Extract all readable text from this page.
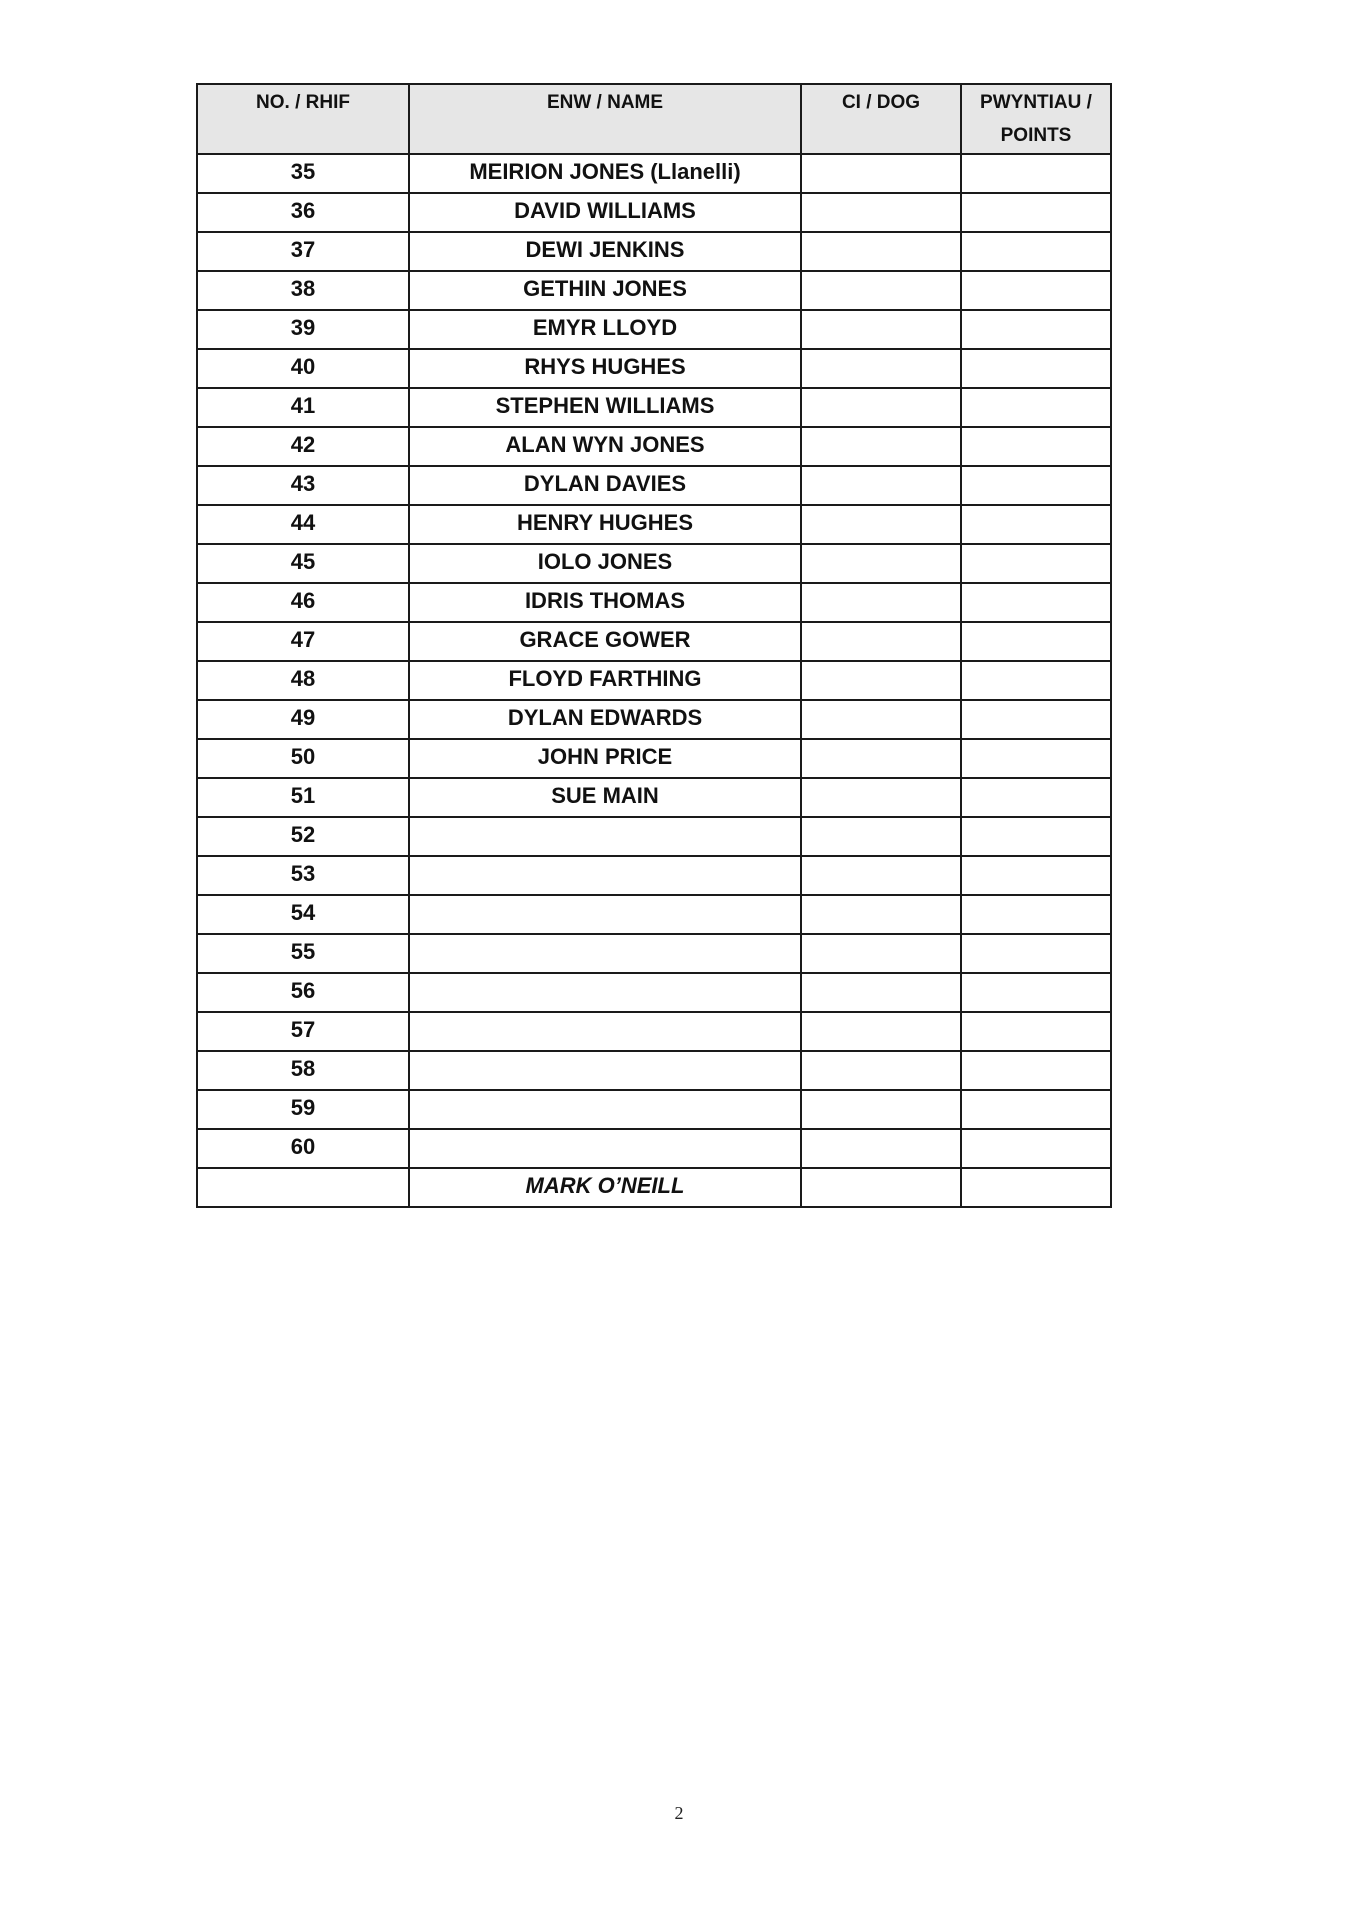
NO. / RHIF	ENW / NAME	CI / DOG	PWYNTIAU / POINTS
35	MEIRION JONES (Llanelli)		
36	DAVID WILLIAMS		
37	DEWI JENKINS		
38	GETHIN JONES		
39	EMYR LLOYD		
40	RHYS HUGHES		
41	STEPHEN WILLIAMS		
42	ALAN WYN JONES		
43	DYLAN DAVIES		
44	HENRY HUGHES		
45	IOLO JONES		
46	IDRIS THOMAS		
47	GRACE GOWER		
48	FLOYD FARTHING		
49	DYLAN EDWARDS		
50	JOHN PRICE		
51	SUE MAIN		
52			
53			
54			
55			
56			
57			
58			
59			
60			
	MARK O’NEILL		
2
